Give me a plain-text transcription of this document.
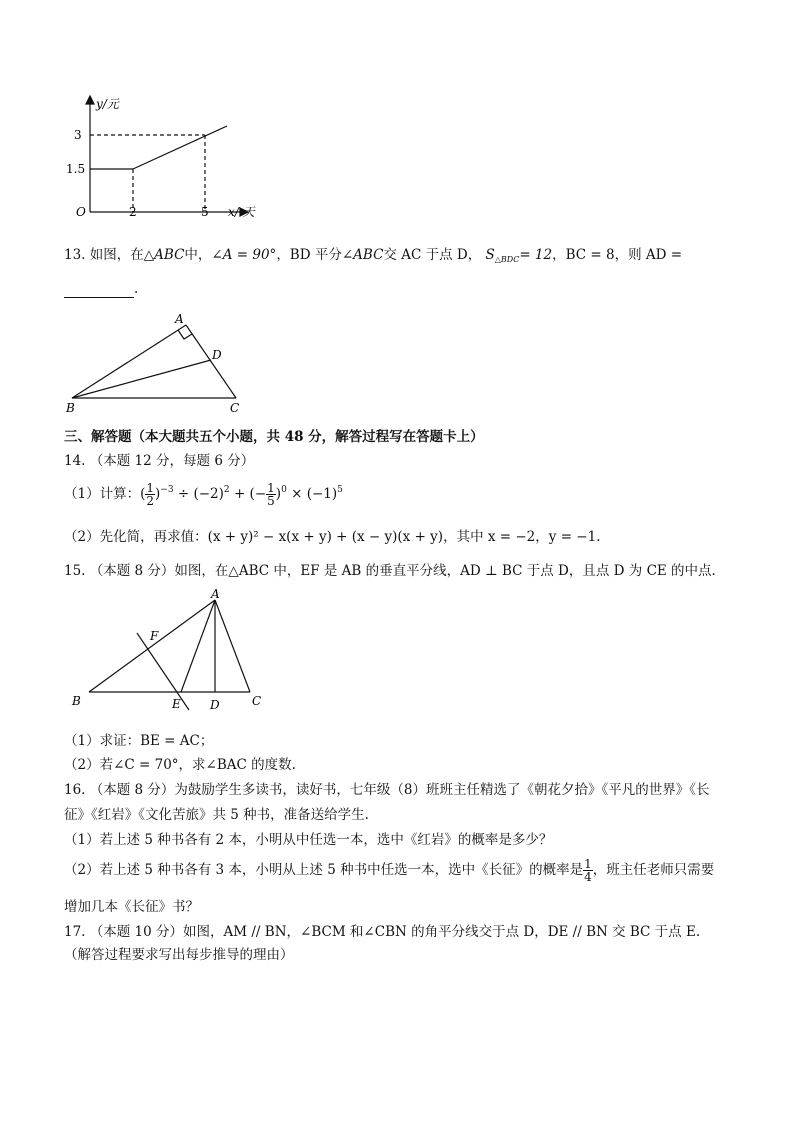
y/元
x/ 天
O
3
1.5
2	5
13. 如图，在△ABC中，∠A = 90°，BD 平分∠ABC交 AC 于点 D， $S_{\triangle BDC}= 12$，BC = 8，则 AD =
.
A
B	C
D
三、解答题（本大题共五个小题，共 48 分，解答过程写在答题卡上）
14. （本题 12 分，每题 6 分）
（1）计算：( $\frac{1}{2} )^{-3} \div (-2)^2$ + (− $\frac{1}{5} )^0 \times (-1)^5$
（2）先化简，再求值：(x + y)² − x(x + y) + (x − y)(x + y)，其中 x = −2，y = −1.
15. （本题 8 分）如图，在△ABC 中，EF 是 AB 的垂直平分线，AD ⊥ BC 于点 D，且点 D 为 CE 的中点.
A
B	C
D
E
F
（1）求证：BE = AC；
（2）若∠C = 70°，求∠BAC 的度数.
16. （本题 8 分）为鼓励学生多读书，读好书，七年级（8）班班主任精选了《朝花夕拾》《平凡的世界》《长
征》《红岩》《文化苦旅》共 5 种书，准备送给学生.
（1）若上述 5 种书各有 2 本，小明从中任选一本，选中《红岩》的概率是多少？
（2）若上述 5 种书各有 3 本，小明从上述 5 种书中任选一本，选中《长征》的概率是 $\frac{1}{4}$ ，班主任老师只需要
增加几本《长征》书？
17. （本题 10 分）如图，AM // BN，∠BCM 和∠CBN 的角平分线交于点 D，DE // BN 交 BC 于点 E.
（解答过程要求写出每步推导的理由）
